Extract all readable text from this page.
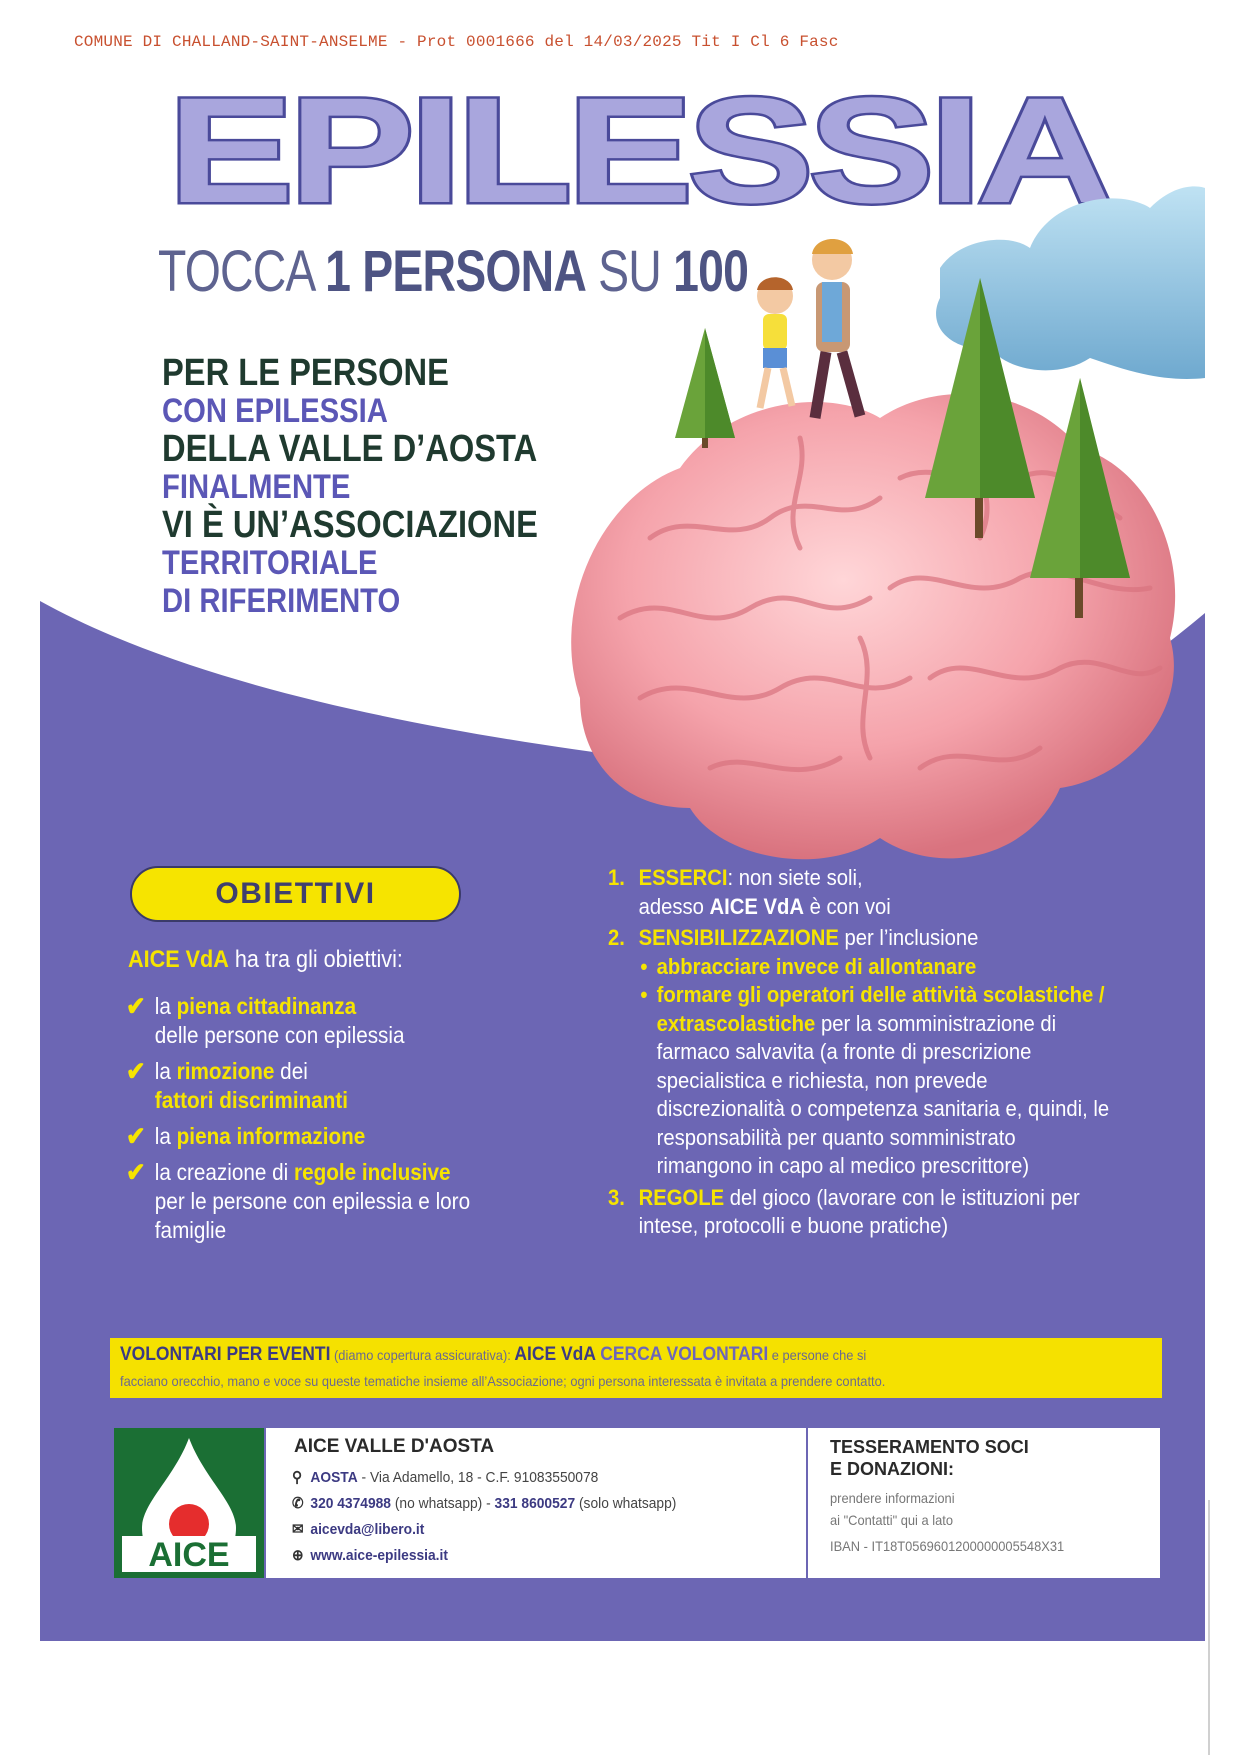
COMUNE DI CHALLAND-SAINT-ANSELME - Prot 0001666 del 14/03/2025 Tit I Cl 6 Fasc
EPILESSIA
TOCCA 1 PERSONA SU 100
PER LE PERSONE
CON EPILESSIA
DELLA VALLE D’AOSTA
FINALMENTE
VI È UN’ASSOCIAZIONE
TERRITORIALE
DI RIFERIMENTO
OBIETTIVI
AICE VdA ha tra gli obiettivi:
✔ la piena cittadinanza
delle persone con epilessia
✔ la rimozione dei
fattori discriminanti
✔ la piena informazione
✔ la creazione di regole inclusive
per le persone con epilessia e loro famiglie
1. ESSERCI: non siete soli,
adesso AICE VdA è con voi
2. SENSIBILIZZAZIONE per l’inclusione
• abbracciare invece di allontanare
• formare gli operatori delle attività scolastiche / extrascolastiche per la somministrazione di farmaco salvavita (a fronte di prescrizione specialistica e richiesta, non prevede discrezionalità o competenza sanitaria e, quindi, le responsabilità per quanto somministrato rimangono in capo al medico prescrittore)
3. REGOLE del gioco (lavorare con le istituzioni per intese, protocolli e buone pratiche)
VOLONTARI PER EVENTI (diamo copertura assicurativa): AICE VdA CERCA VOLONTARI e persone che si
facciano orecchio, mano e voce su queste tematiche insieme all’Associazione; ogni persona interessata è invitata a prendere contatto.
AICE
AICE VALLE D'AOSTA
⚲ AOSTA - Via Adamello, 18 - C.F. 91083550078
✆ 320 4374988 (no whatsapp) - 331 8600527 (solo whatsapp)
✉ aicevda@libero.it
⊕ www.aice-epilessia.it
TESSERAMENTO SOCI
E DONAZIONI:
prendere informazioni
ai "Contatti" qui a lato
IBAN - IT18T0569601200000005548X31
